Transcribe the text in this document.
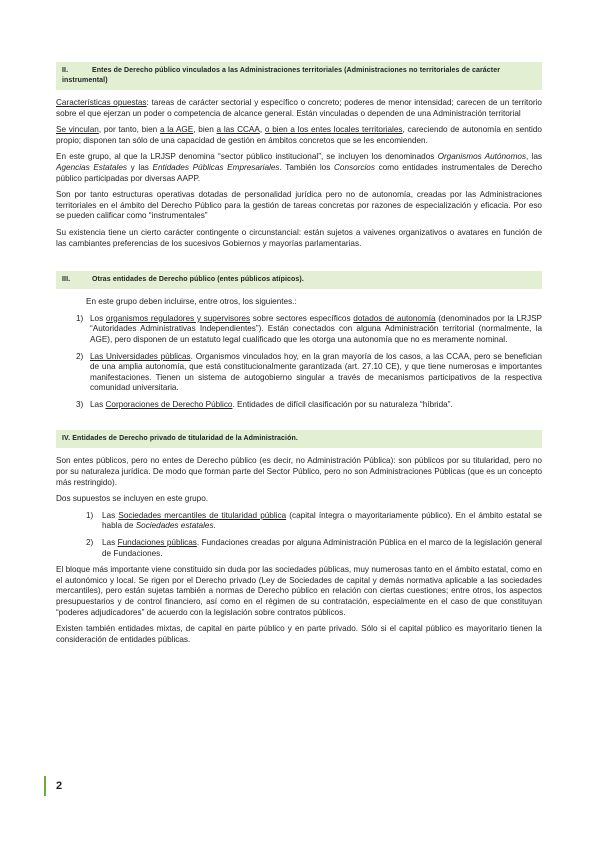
II.	Entes de Derecho público vinculados a las Administraciones territoriales (Administraciones no territoriales de carácter instrumental)

Características opuestas: tareas de carácter sectorial y específico o concreto; poderes de menor intensidad; carecen de un territorio sobre el que ejerzan un poder o competencia de alcance general. Están vinculadas o dependen de una Administración territorial

Se vinculan, por tanto, bien a la AGE, bien a las CCAA, o bien a los entes locales territoriales, careciendo de autonomía en sentido propio; disponen tan sólo de una capacidad de gestión en ámbitos concretos que se les encomienden.

En este grupo, al que la LRJSP denomina “sector público institucional”, se incluyen los denominados Organismos Autónomos, las Agencias Estatales y las Entidades Públicas Empresariales. También los Consorcios como entidades instrumentales de Derecho público participadas por diversas AAPP.

Son por tanto estructuras operativas dotadas de personalidad jurídica pero no de autonomía, creadas por las Administraciones territoriales en el ámbito del Derecho Público para la gestión de tareas concretas por razones de especialización y eficacia. Por eso se pueden calificar como “instrumentales”

Su existencia tiene un cierto carácter contingente o circunstancial: están sujetos a vaivenes organizativos o avatares en función de las cambiantes preferencias de los sucesivos Gobiernos y mayorías parlamentarias.

III.	Otras entidades de Derecho público (entes públicos atípicos).

En este grupo deben incluirse, entre otros, los siguientes.:

1) Los organismos reguladores y supervisores sobre sectores específicos dotados de autonomía (denominados por la LRJSP “Autoridades Administrativas Independientes”). Están conectados con alguna Administración territorial (normalmente, la AGE), pero disponen de un estatuto legal cualificado que les otorga una autonomía que no es meramente nominal.
2) Las Universidades públicas. Organismos vinculados hoy, en la gran mayoría de los casos, a las CCAA, pero se benefician de una amplia autonomía, que está constitucionalmente garantizada (art. 27.10 CE), y que tiene numerosas e importantes manifestaciones. Tienen un sistema de autogobierno singular a través de mecanismos participativos de la respectiva comunidad universitaria.
3) Las Corporaciones de Derecho Público. Entidades de difícil clasificación por su naturaleza “híbrida”.
IV. Entidades de Derecho privado de titularidad de la Administración.

Son entes públicos, pero no entes de Derecho público (es decir, no Administración Pública): son públicos por su titularidad, pero no por su naturaleza jurídica. De modo que forman parte del Sector Público, pero no son Administraciones Públicas (que es un concepto más restringido).

Dos supuestos se incluyen en este grupo.

1)	Las Sociedades mercantiles de titularidad pública (capital íntegra o mayoritariamente público). En el ámbito estatal se habla de Sociedades estatales.
2)	Las Fundaciones públicas. Fundaciones creadas por alguna Administración Pública en el marco de la legislación general de Fundaciones.

El bloque más importante viene constituido sin duda por las sociedades públicas, muy numerosas tanto en el ámbito estatal, como en el autonómico y local. Se rigen por el Derecho privado (Ley de Sociedades de capital y demás normativa aplicable a las sociedades mercantiles), pero están sujetas también a normas de Derecho público en relación con ciertas cuestiones; entre otros, los aspectos presupuestarios y de control financiero, así como en el régimen de su contratación, especialmente en el caso de que constituyan “poderes adjudicadores” de acuerdo con la legislación sobre contratos públicos.

Existen también entidades mixtas, de capital en parte público y en parte privado. Sólo si el capital público es mayoritario tienen la consideración de entidades públicas.

2
